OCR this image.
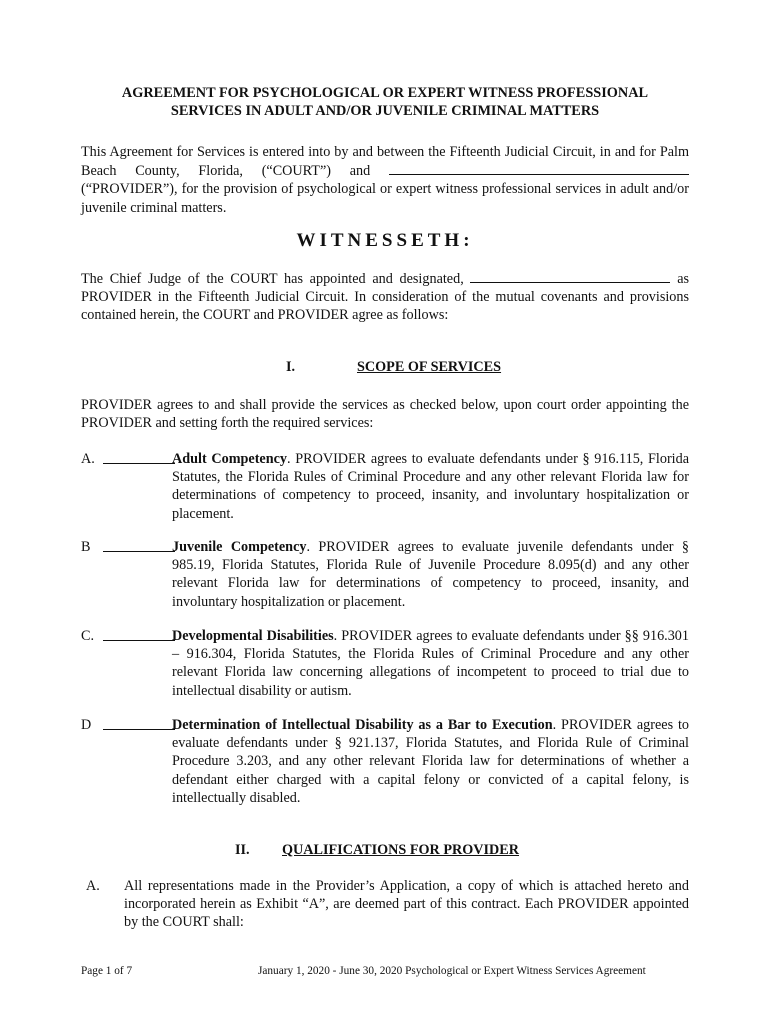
AGREEMENT FOR PSYCHOLOGICAL OR EXPERT WITNESS PROFESSIONAL
SERVICES IN ADULT AND/OR JUVENILE CRIMINAL MATTERS
This Agreement for Services is entered into by and between the Fifteenth Judicial Circuit, in and for Palm Beach County, Florida, (“COURT”) and  (“PROVIDER”), for the provision of psychological or expert witness professional services in adult and/or juvenile criminal matters.
WITNESSETH:
The Chief Judge of the COURT has appointed and designated,	as PROVIDER in the Fifteenth Judicial Circuit. In consideration of the mutual covenants and provisions contained herein, the COURT and PROVIDER agree as follows:
I.	SCOPE OF SERVICES
PROVIDER agrees to and shall provide the services as checked below, upon court order appointing the PROVIDER and setting forth the required services:
A.	Adult Competency. PROVIDER agrees to evaluate defendants under § 916.115, Florida Statutes, the Florida Rules of Criminal Procedure and any other relevant Florida law for determinations of competency to proceed, insanity, and involuntary hospitalization or placement.
B	Juvenile Competency. PROVIDER agrees to evaluate juvenile defendants under § 985.19, Florida Statutes, Florida Rule of Juvenile Procedure 8.095(d) and any other relevant Florida law for determinations of competency to proceed, insanity, and involuntary hospitalization or placement.
C.	Developmental Disabilities. PROVIDER agrees to evaluate defendants under §§ 916.301 – 916.304, Florida Statutes, the Florida Rules of Criminal Procedure and any other relevant Florida law concerning allegations of incompetent to proceed to trial due to intellectual disability or autism.
D	Determination of Intellectual Disability as a Bar to Execution. PROVIDER agrees to evaluate defendants under § 921.137, Florida Statutes, and Florida Rule of Criminal Procedure 3.203, and any other relevant Florida law for determinations of whether a defendant either charged with a capital felony or convicted of a capital felony, is intellectually disabled.
II. QUALIFICATIONS FOR PROVIDER
A. All representations made in the Provider’s Application, a copy of which is attached hereto and incorporated herein as Exhibit “A”, are deemed part of this contract. Each PROVIDER appointed by the COURT shall:
Page 1 of 7	January 1, 2020 - June 30, 2020 Psychological or Expert Witness Services Agreement
